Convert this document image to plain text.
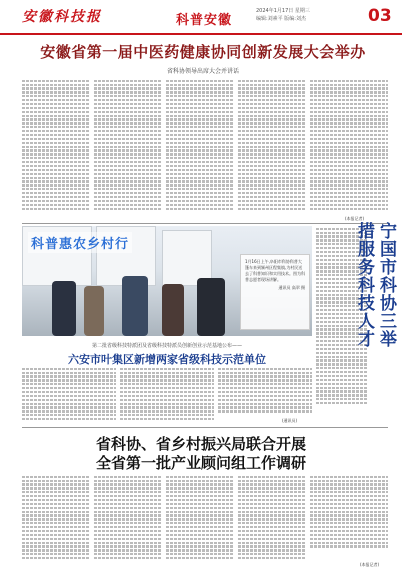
安徽科技报	科普安徽
2024年1月17日 星期三
编辑:刘素平 版编:刘杰	03
安徽省第一届中医药健康协同创新发展大会举办
省科协领导出席大会并讲话
科普惠农乡村行
1月16日上午,阜阳市科协科普大篷车来到颍州区程集镇,为村民送去了科普知识和实用技术。图为科普志愿者现场讲解。
通讯员 高翠 摄	宁国市科协三举措服务科技人才
第二批省级科技特派团及省级科技特派员创新创业示范基地公布——
六安市叶集区新增两家省级科技示范单位
省科协、省乡村振兴局联合开展
全省第一批产业顾问组工作调研
(本报记者)
(本报记者)
(通讯员)
